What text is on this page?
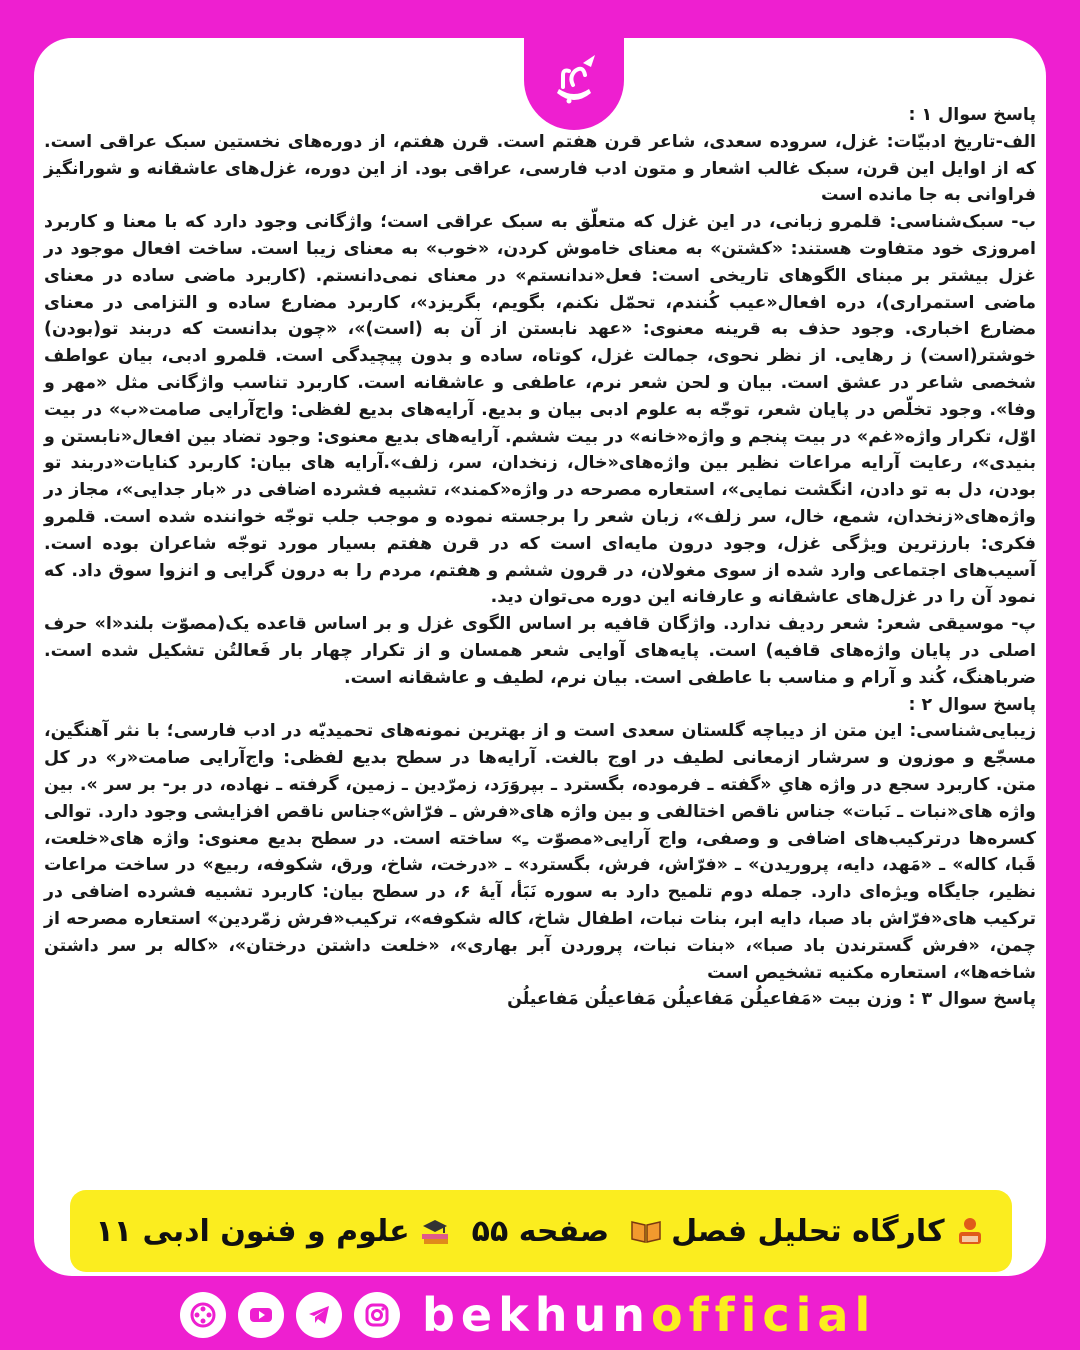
پاسخ سوال ۱ :

الف-تاریخ ادبیّات: غزل، سروده سعدی، شاعر قرن هفتم است. قرن هفتم، از دوره‌های نخستین سبک عراقی است. که از اوایل این قرن، سبک غالب اشعار و متون ادب فارسی، عراقی بود. از این دوره، غزل‌های عاشقانه و شورانگیز فراوانی به جا مانده است

ب- سبک‌شناسی: قلمرو زبانی، در این غزل که متعلّق به سبک عراقی است؛ واژگانی وجود دارد که با معنا و کاربرد امروزی خود متفاوت هستند: «کشتن» به معنای خاموش کردن، «خوب» به معنای زیبا است. ساخت افعال موجود در غزل بیشتر بر مبنای الگوهای تاریخی است: فعل«ندانستم» در معنای نمی‌دانستم. (کاربرد ماضی ساده در معنای ماضی استمراری)، دره افعال«عیب کُنندم، تحمّل نکنم، بگویم، بگریزد»، کاربرد مضارع ساده و التزامی در معنای مضارع اخباری. وجود حذف به قرینه معنوی: «عهد نابستن از آن به (است)»، «چون بدانست که دربند تو(بودن) خوشتر(است) ز رهایی. از نظر نحوی، جمالت غزل، کوتاه، ساده و بدون پیچیدگی است. قلمرو ادبی، بیان عواطف شخصی شاعر در عشق است. بیان و لحن شعر نرم، عاطفی و عاشقانه است. کاربرد تناسب واژگانی مثل «مهر و وفا». وجود تخلّص در پایان شعر، توجّه به علوم ادبی بیان و بدیع. آرایه‌های بدیع لفظی: واج‌آرایی صامت«ب» در بیت اوّل، تکرار واژه«غم» در بیت پنجم و واژه«خانه» در بیت ششم. آرایه‌های بدیع معنوی: وجود تضاد بین افعال«نابستن و بنیدی»، رعایت آرایه مراعات نظیر بین واژه‌های«خال، زنخدان، سر، زلف».آرایه های بیان: کاربرد کنایات«دربند تو بودن، دل به تو دادن، انگشت نمایی»، استعاره مصرحه در واژه«کمند»، تشبیه فشرده اضافی در «بار جدایی»، مجاز در واژه‌های«زنخدان، شمع، خال، سر زلف»، زبان شعر را برجسته نموده و موجب جلب توجّه خواننده شده است. قلمرو فکری: بارزترین ویژگی غزل، وجود درون مایه‌ای است که در قرن هفتم بسیار مورد توجّه شاعران بوده است. آسیب‌های اجتماعی وارد شده از سوی مغولان، در قرون ششم و هفتم، مردم را به درون گرایی و انزوا سوق داد. که نمود آن را در غزل‌های عاشقانه و عارفانه این دوره می‌توان دید.

پ- موسیقی شعر: شعر ردیف ندارد. واژگان قافیه بر اساس الگوی غزل و بر اساس قاعده یک(مصوّت بلند«ا» حرف اصلی در پایان واژه‌های قافیه) است. پایه‌های آوایی شعر همسان و از تکرار چهار بار فَعالتُن تشکیل شده است. ضرباهنگ، کُند و آرام و مناسب با عاطفی است. بیان نرم، لطیف و عاشقانه است.

پاسخ سوال ۲ :

زیبایی‌شناسی: این متن از دیباچه گلستان سعدی است و از بهترین نمونه‌های تحمیدیّه در ادب فارسی؛ با نثر آهنگین، مسجّع و موزون و سرشار ازمعانی لطیف در اوج بالغت. آرایه‌ها در سطح بدیع لفظی: واج‌آرایی صامت«ر» در کل متن. کاربرد سجع در واژه هایِ «گفته ـ فرموده، بگسترد ـ بپروَرَد، زمرّدین ـ زمین، گرفته ـ نهاده، در بر- بر سر ». بین واژه های«نبات ـ نَبات» جناس ناقص اختالفی و بین واژه های«فرش ـ فرّاش»جناس ناقص افزایشی وجود دارد. توالی کسره‌ها درترکیب‌های اضافی و وصفی، واج آرایی«مصوّت ـِ» ساخته است. در سطح بدیع معنوی: واژه های«خلعت، قَبا، کاله» ـ «مَهد، دایه، پروریدن» ـ «فرّاش، فرش، بگسترد» ـ «درخت، شاخ، ورق، شکوفه، ربیع» در ساخت مراعات نظیر، جایگاه ویژه‌ای دارد. جمله دوم تلمیح دارد به سوره نَبَأ، آیهٔ ۶، در سطح بیان: کاربرد تشبیه فشرده اضافی در ترکیب های«فرّاش باد صبا، دایه ابر، بنات نبات، اطفال شاخ، کاله شکوفه»، ترکیب«فرش زمّردین» استعاره مصرحه از چمن، «فرش گسترندن باد صبا»، «بنات نبات، پروردن آبر بهاری»، «خلعت داشتن درختان»، «کاله بر سر داشتن شاخه‌ها»، استعاره مکنیه تشخیص است

پاسخ سوال ۳ : وزن بیت «مَفاعیلُن مَفاعیلُن مَفاعیلُن مَفاعیلُن

کارگاه تحلیل فصل
صفحه ۵۵
علوم و فنون ادبی ۱۱
bekhunofficial
